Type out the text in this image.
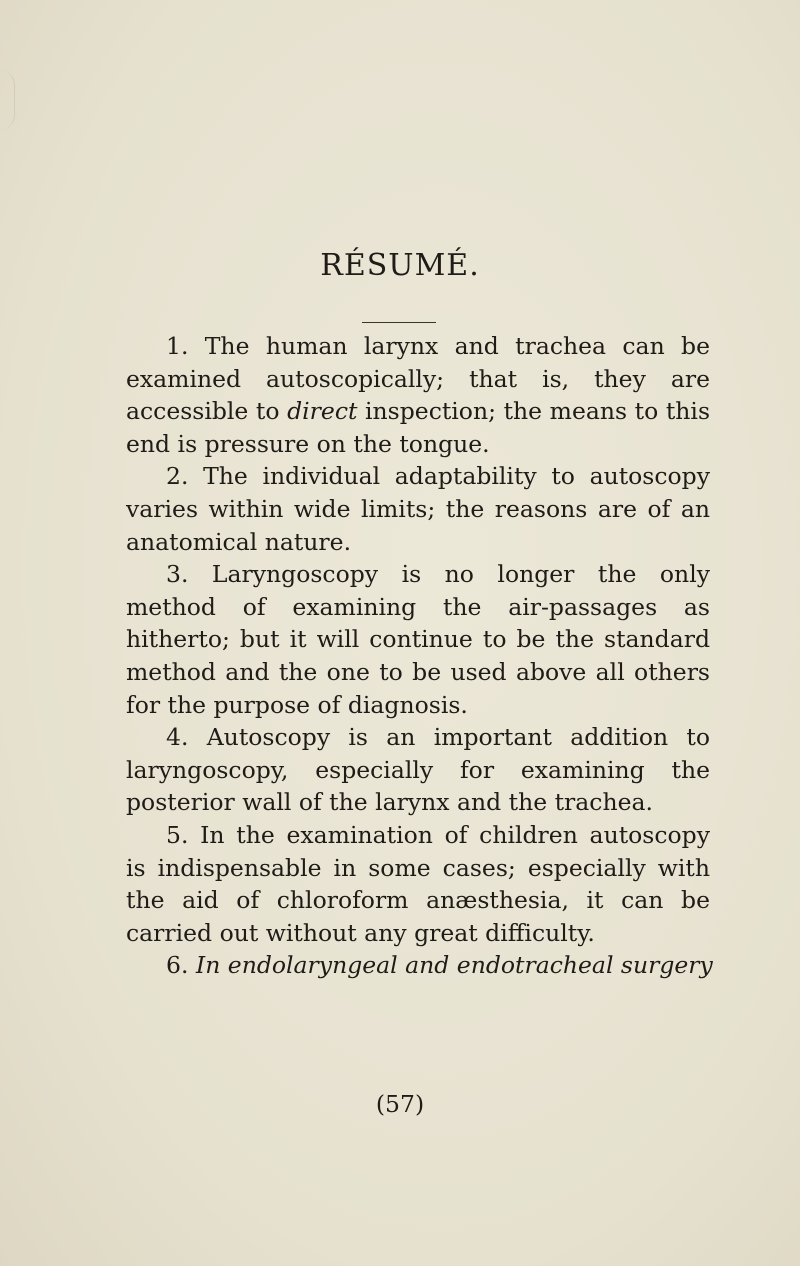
RÉSUMÉ.

1. The human larynx and trachea can be examined autoscopically; that is, they are accessible to direct inspection; the means to this end is pressure on the tongue.

2. The individual adaptability to autoscopy varies within wide limits; the reasons are of an anatomical nature.

3. Laryngoscopy is no longer the only method of examining the air-passages as hitherto; but it will continue to be the standard method and the one to be used above all others for the purpose of diagnosis.

4. Autoscopy is an important addition to laryngoscopy, especially for examining the posterior wall of the larynx and the trachea.

5. In the examination of children autoscopy is indispensable in some cases; especially with the aid of chloroform anæsthesia, it can be carried out without any great difficulty.

6. In endolaryngeal and endotracheal surgery

(57)
